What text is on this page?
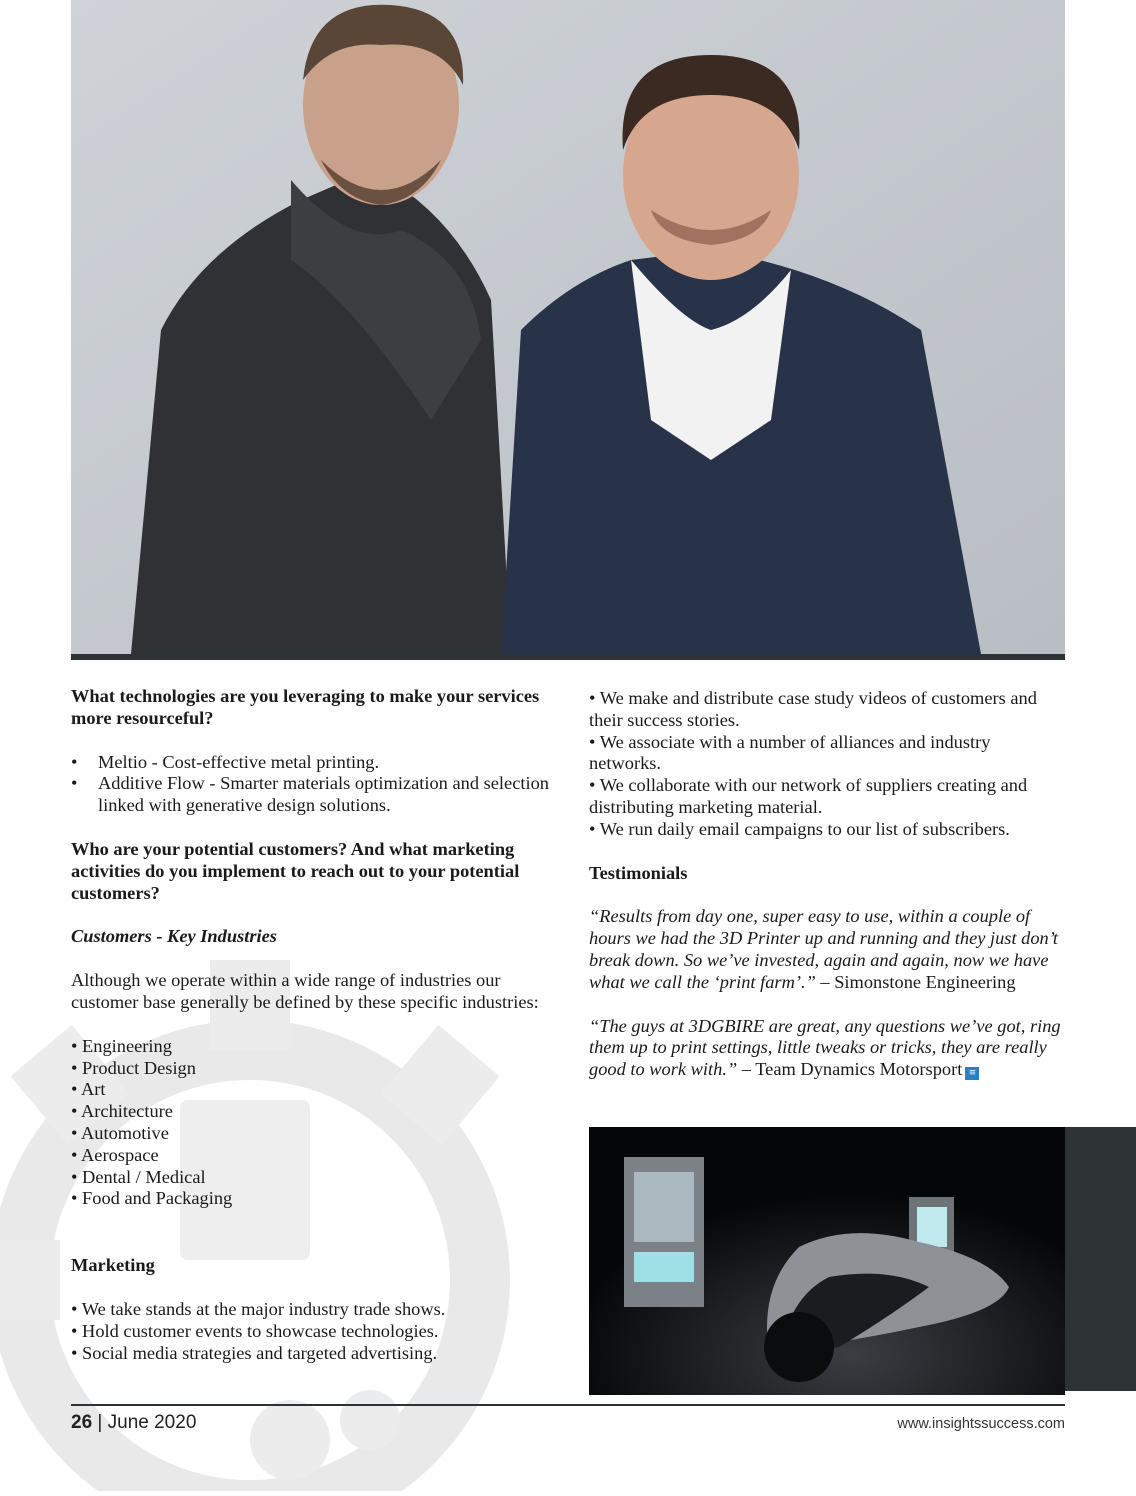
What technologies are you leveraging to make your services more resourceful?

• Meltio - Cost-effective metal printing.
• Additive Flow - Smarter materials optimization and selection linked with generative design solutions.

Who are your potential customers? And what marketing activities do you implement to reach out to your potential customers?

Customers - Key Industries

Although we operate within a wide range of industries our customer base generally be defined by these specific industries:

• Engineering
• Product Design
• Art
• Architecture
• Automotive
• Aerospace
• Dental / Medical
• Food and Packaging

Marketing

• We take stands at the major industry trade shows.
• Hold customer events to showcase technologies.
• Social media strategies and targeted advertising.
• We make and distribute case study videos of customers and their success stories.
• We associate with a number of alliances and industry networks.
• We collaborate with our network of suppliers creating and distributing marketing material.
• We run daily email campaigns to our list of subscribers.

Testimonials

“Results from day one, super easy to use, within a couple of hours we had the 3D Printer up and running and they just don’t break down. So we’ve invested, again and again, now we have what we call the ‘print farm’.” – Simonstone Engineering

“The guys at 3DGBIRE are great, any questions we’ve got, ring them up to print settings, little tweaks or tricks, they are really good to work with.” – Team Dynamics Motorsport ≡

26 | June 2020	www.insightssuccess.com
